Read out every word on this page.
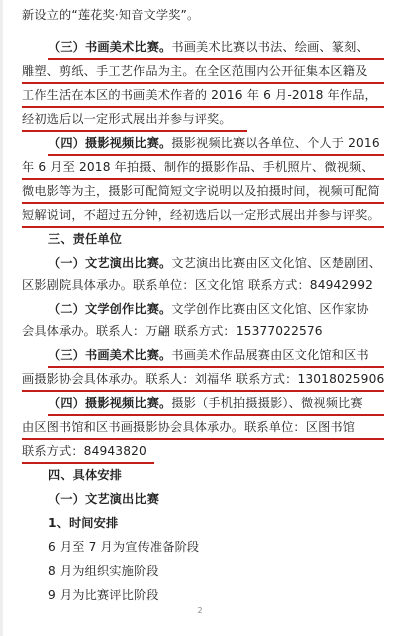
新设立的“莲花奖·知音文学奖”。
（三）书画美术比赛。书画美术比赛以书法、绘画、篆刻、
雕塑、剪纸、手工艺作品为主。在全区范围内公开征集本区籍及
工作生活在本区的书画美术作者的 2016 年 6 月-2018 年作品，
经初选后以一定形式展出并参与评奖。
（四）摄影视频比赛。摄影视频比赛以各单位、个人于 2016
年 6 月至 2018 年拍摄、制作的摄影作品、手机照片、微视频、
微电影等为主，摄影可配简短文字说明以及拍摄时间，视频可配简
短解说词，不超过五分钟，经初选后以一定形式展出并参与评奖。
三、责任单位
（一）文艺演出比赛。文艺演出比赛由区文化馆、区楚剧团、
区影剧院具体承办。联系单位：区文化馆 联系方式：84942992
（二）文学创作比赛。文学创作比赛由区文化馆、区作家协
会具体承办。联系人：万翩 联系方式：15377022576
（三）书画美术比赛。书画美术作品展赛由区文化馆和区书
画摄影协会具体承办。联系人：刘福华 联系方式：13018025906
（四）摄影视频比赛。摄影（手机拍摄摄影）、微视频比赛
由区图书馆和区书画摄影协会具体承办。联系单位：区图书馆
联系方式：84943820
四、具体安排
（一）文艺演出比赛
1、时间安排
6 月至 7 月为宣传准备阶段
8 月为组织实施阶段
9 月为比赛评比阶段
2
